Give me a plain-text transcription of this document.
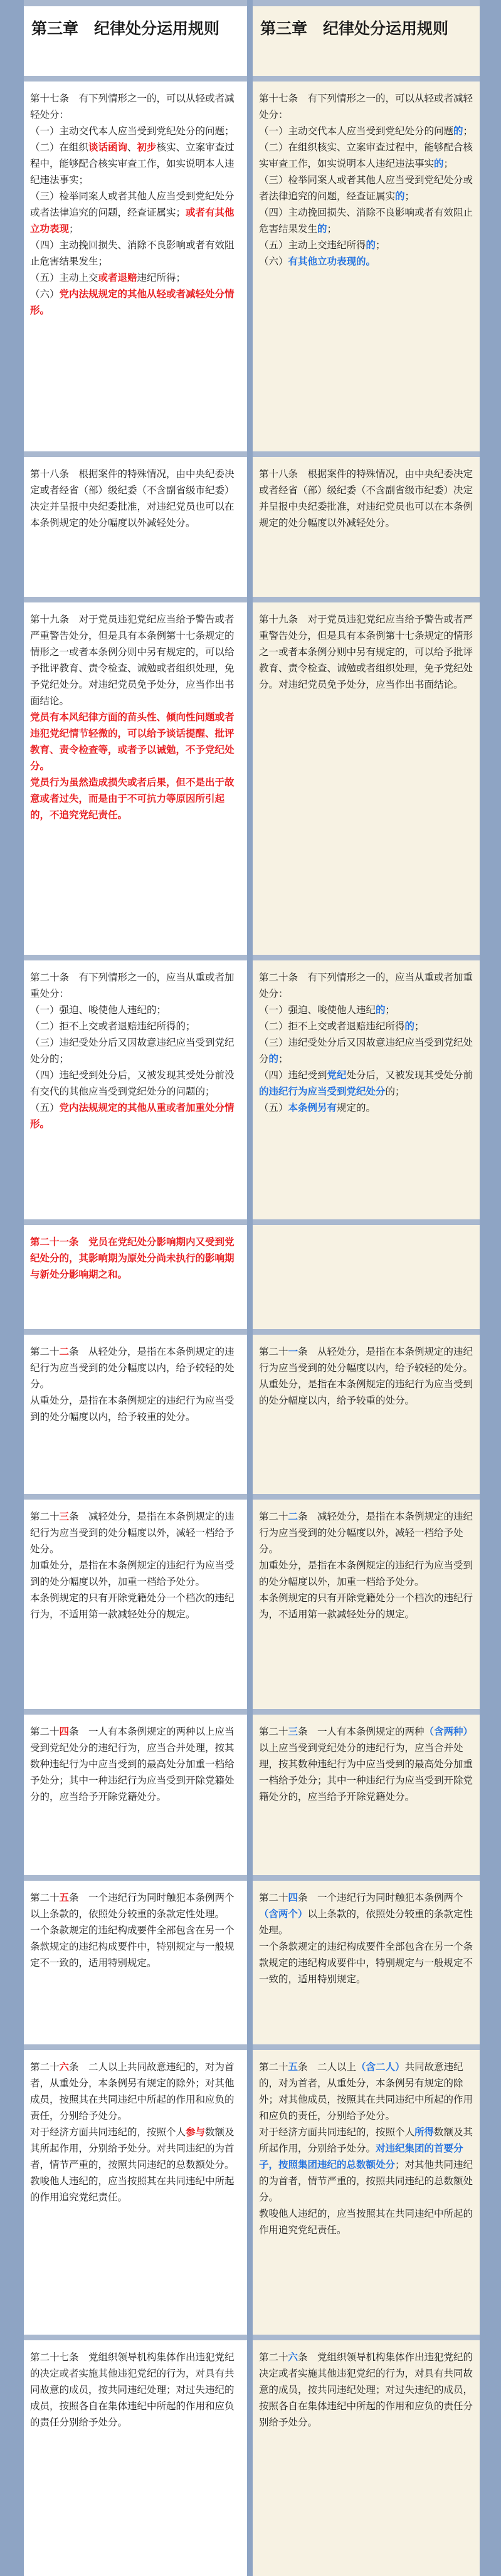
第三章　纪律处分运用规则

第十七条　有下列情形之一的，可以从轻或者减轻处分：

（一）主动交代本人应当受到党纪处分的问题；

（二）在组织谈话函询、初步核实、立案审查过程中，能够配合核实审查工作，如实说明本人违纪违法事实；

（三）检举同案人或者其他人应当受到党纪处分或者法律追究的问题，经查证属实；或者有其他立功表现；

（四）主动挽回损失、消除不良影响或者有效阻止危害结果发生；

（五）主动上交或者退赔违纪所得；

（六）党内法规规定的其他从轻或者减轻处分情形。

第十八条　根据案件的特殊情况，由中央纪委决定或者经省（部）级纪委（不含副省级市纪委）决定并呈报中央纪委批准，对违纪党员也可以在本条例规定的处分幅度以外减轻处分。

第十九条　对于党员违犯党纪应当给予警告或者严重警告处分，但是具有本条例第十七条规定的情形之一或者本条例分则中另有规定的，可以给予批评教育、责令检查、诫勉或者组织处理，免予党纪处分。对违纪党员免予处分，应当作出书面结论。

党员有本风纪律方面的苗头性、倾向性问题或者违犯党纪情节轻微的，可以给予谈话提醒、批评教育、责令检查等，或者予以诫勉，不予党纪处分。

党员行为虽然造成损失或者后果，但不是出于故意或者过失，而是由于不可抗力等原因所引起的，不追究党纪责任。

第二十条　有下列情形之一的，应当从重或者加重处分：

（一）强迫、唆使他人违纪的；

（二）拒不上交或者退赔违纪所得的；

（三）违纪受处分后又因故意违纪应当受到党纪处分的；

（四）违纪受到处分后，又被发现其受处分前没有交代的其他应当受到党纪处分的问题的；

（五）党内法规规定的其他从重或者加重处分情形。

第二十一条　党员在党纪处分影响期内又受到党纪处分的，其影响期为原处分尚未执行的影响期与新处分影响期之和。

第二十二条　从轻处分，是指在本条例规定的违纪行为应当受到的处分幅度以内，给予较轻的处分。

从重处分，是指在本条例规定的违纪行为应当受到的处分幅度以内，给予较重的处分。

第二十三条　减轻处分，是指在本条例规定的违纪行为应当受到的处分幅度以外，减轻一档给予处分。

加重处分，是指在本条例规定的违纪行为应当受到的处分幅度以外，加重一档给予处分。

本条例规定的只有开除党籍处分一个档次的违纪行为，不适用第一款减轻处分的规定。

第二十四条　一人有本条例规定的两种以上应当受到党纪处分的违纪行为，应当合并处理，按其数种违纪行为中应当受到的最高处分加重一档给予处分；其中一种违纪行为应当受到开除党籍处分的，应当给予开除党籍处分。

第二十五条　一个违纪行为同时触犯本条例两个以上条款的，依照处分较重的条款定性处理。

一个条款规定的违纪构成要件全部包含在另一个条款规定的违纪构成要件中，特别规定与一般规定不一致的，适用特别规定。

第二十六条　二人以上共同故意违纪的，对为首者，从重处分，本条例另有规定的除外；对其他成员，按照其在共同违纪中所起的作用和应负的责任，分别给予处分。

对于经济方面共同违纪的，按照个人参与数额及其所起作用，分别给予处分。对共同违纪的为首者，情节严重的，按照共同违纪的总数额处分。

教唆他人违纪的，应当按照其在共同违纪中所起的作用追究党纪责任。

第二十七条　党组织领导机构集体作出违犯党纪的决定或者实施其他违犯党纪的行为，对具有共同故意的成员，按共同违纪处理；对过失违纪的成员，按照各自在集体违纪中所起的作用和应负的责任分别给予处分。

第三章　纪律处分运用规则

第十七条　有下列情形之一的，可以从轻或者减轻处分：

（一）主动交代本人应当受到党纪处分的问题的；

（二）在组织核实、立案审查过程中，能够配合核实审查工作，如实说明本人违纪违法事实的；

（三）检举同案人或者其他人应当受到党纪处分或者法律追究的问题，经查证属实的；

（四）主动挽回损失、消除不良影响或者有效阻止危害结果发生的；

（五）主动上交违纪所得的；

（六）有其他立功表现的。

第十八条　根据案件的特殊情况，由中央纪委决定或者经省（部）级纪委（不含副省级市纪委）决定并呈报中央纪委批准，对违纪党员也可以在本条例规定的处分幅度以外减轻处分。

第十九条　对于党员违犯党纪应当给予警告或者严重警告处分，但是具有本条例第十七条规定的情形之一或者本条例分则中另有规定的，可以给予批评教育、责令检查、诫勉或者组织处理，免予党纪处分。对违纪党员免予处分，应当作出书面结论。

第二十条　有下列情形之一的，应当从重或者加重处分：

（一）强迫、唆使他人违纪的；

（二）拒不上交或者退赔违纪所得的；

（三）违纪受处分后又因故意违纪应当受到党纪处分的；

（四）违纪受到党纪处分后，又被发现其受处分前的违纪行为应当受到党纪处分的；

（五）本条例另有规定的。

第二十一条　从轻处分，是指在本条例规定的违纪行为应当受到的处分幅度以内，给予较轻的处分。

从重处分，是指在本条例规定的违纪行为应当受到的处分幅度以内，给予较重的处分。

第二十二条　减轻处分，是指在本条例规定的违纪行为应当受到的处分幅度以外，减轻一档给予处分。

加重处分，是指在本条例规定的违纪行为应当受到的处分幅度以外，加重一档给予处分。

本条例规定的只有开除党籍处分一个档次的违纪行为，不适用第一款减轻处分的规定。

第二十三条　一人有本条例规定的两种（含两种）以上应当受到党纪处分的违纪行为，应当合并处理，按其数种违纪行为中应当受到的最高处分加重一档给予处分；其中一种违纪行为应当受到开除党籍处分的，应当给予开除党籍处分。

第二十四条　一个违纪行为同时触犯本条例两个（含两个）以上条款的，依照处分较重的条款定性处理。

一个条款规定的违纪构成要件全部包含在另一个条款规定的违纪构成要件中，特别规定与一般规定不一致的，适用特别规定。

第二十五条　二人以上（含二人）共同故意违纪的，对为首者，从重处分，本条例另有规定的除外；对其他成员，按照其在共同违纪中所起的作用和应负的责任，分别给予处分。

对于经济方面共同违纪的，按照个人所得数额及其所起作用，分别给予处分。对违纪集团的首要分子，按照集团违纪的总数额处分；对其他共同违纪的为首者，情节严重的，按照共同违纪的总数额处分。

教唆他人违纪的，应当按照其在共同违纪中所起的作用追究党纪责任。

第二十六条　党组织领导机构集体作出违犯党纪的决定或者实施其他违犯党纪的行为，对具有共同故意的成员，按共同违纪处理；对过失违纪的成员，按照各自在集体违纪中所起的作用和应负的责任分别给予处分。
